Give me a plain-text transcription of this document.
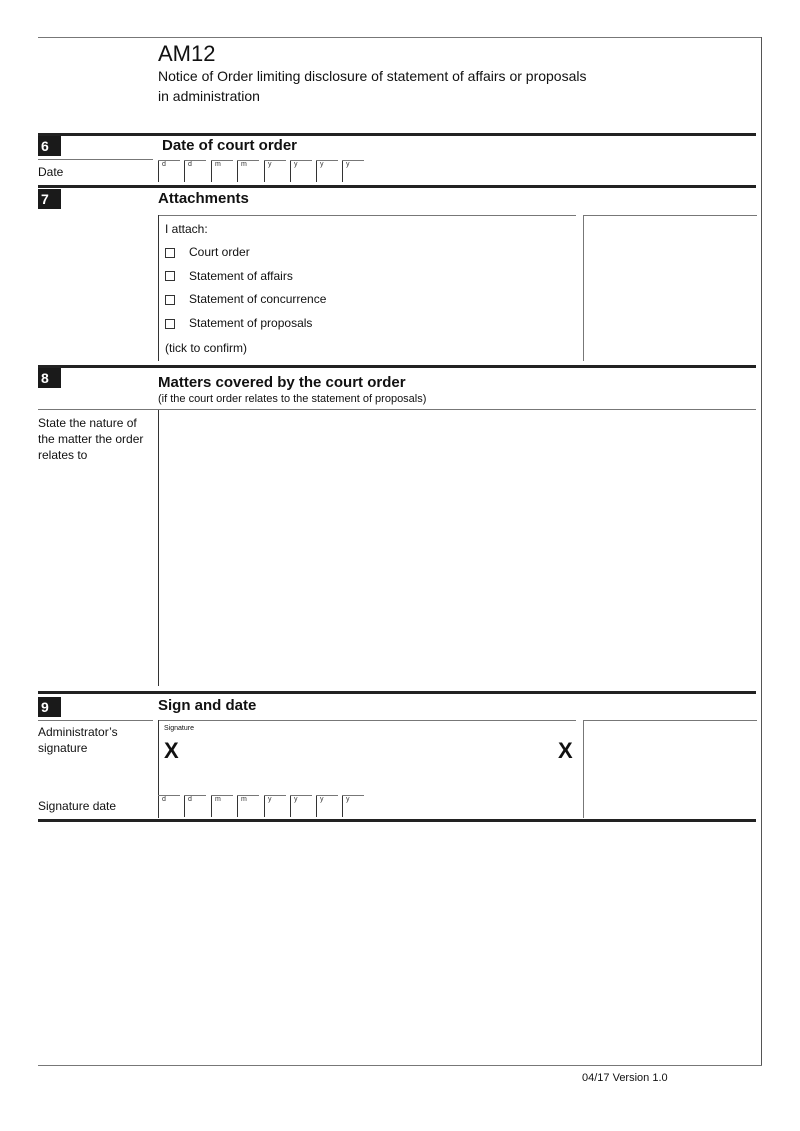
AM12
Notice of Order limiting disclosure of statement of affairs or proposals
in administration
6	Date of court order
Date
d	d	m	m	y	y	y	y
7	Attachments
I attach:
Court order
Statement of affairs
Statement of concurrence
Statement of proposals
(tick to confirm)
8	Matters covered by the court order
(if the court order relates to the statement of proposals)
State the nature of
the matter the order
relates to
9	Sign and date
Administrator’s
signature
Signature
X	X
Signature date	d	d	m	m	y	y	y	y
04/17 Version 1.0
